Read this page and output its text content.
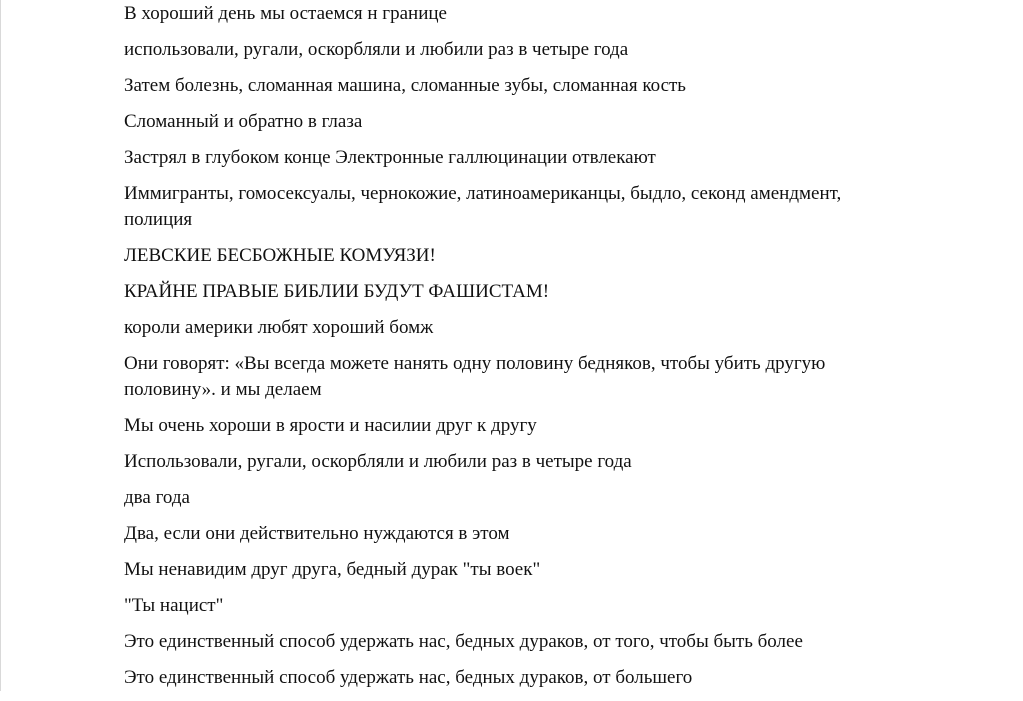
В хороший день мы остаемся н границе

использовали, ругали, оскорбляли и любили раз в четыре года

Затем болезнь, сломанная машина, сломанные зубы, сломанная кость

Сломанный и обратно в глаза

Застрял в глубоком конце Электронные галлюцинации отвлекают

Иммигранты, гомосексуалы, чернокожие, латиноамериканцы, быдло, секонд амендмент, полиция

ЛЕВСКИЕ БЕСБОЖНЫЕ КОМУЯЗИ!

КРАЙНЕ ПРАВЫЕ БИБЛИИ БУДУТ ФАШИСТАМ!

короли америки любят хороший бомж

Они говорят: «Вы всегда можете нанять одну половину бедняков, чтобы убить другую половину». и мы делаем

Мы очень хороши в ярости и насилии друг к другу

Использовали, ругали, оскорбляли и любили раз в четыре года

два года

Два, если они действительно нуждаются в этом

Мы ненавидим друг друга, бедный дурак "ты воек"

"Ты нацист"

Это единственный способ удержать нас, бедных дураков, от того, чтобы быть более

Это единственный способ удержать нас, бедных дураков, от большего
